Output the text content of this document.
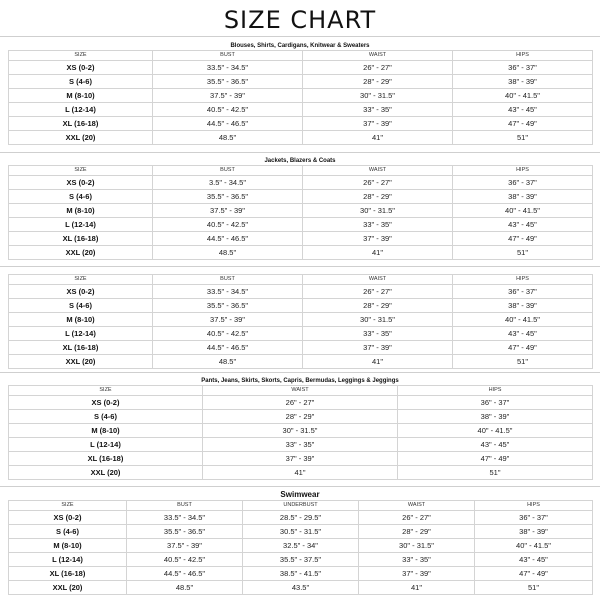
SIZE CHART
Blouses, Shirts, Cardigans, Knitwear & Sweaters
SIZE	BUST	WAIST	HIPS
XS (0-2)	33.5" - 34.5"	26" - 27"	36" - 37"
S (4-6)	35.5" - 36.5"	28" - 29"	38" - 39"
M (8-10)	37.5" - 39"	30" - 31.5"	40" - 41.5"
L (12-14)	40.5" - 42.5"	33" - 35"	43" - 45"
XL (16-18)	44.5" - 46.5"	37" - 39"	47" - 49"
XXL (20)	48.5"	41"	51"
Jackets, Blazers & Coats
SIZE	BUST	WAIST	HIPS
XS (0-2)	3.5" - 34.5"	26" - 27"	36" - 37"
S (4-6)	35.5" - 36.5"	28" - 29"	38" - 39"
M (8-10)	37.5" - 39"	30" - 31.5"	40" - 41.5"
L (12-14)	40.5" - 42.5"	33" - 35"	43" - 45"
XL (16-18)	44.5" - 46.5"	37" - 39"	47" - 49"
XXL (20)	48.5"	41"	51"
SIZE	BUST	WAIST	HIPS
XS (0-2)	33.5" - 34.5"	26" - 27"	36" - 37"
S (4-6)	35.5" - 36.5"	28" - 29"	38" - 39"
M (8-10)	37.5" - 39"	30" - 31.5"	40" - 41.5"
L (12-14)	40.5" - 42.5"	33" - 35"	43" - 45"
XL (16-18)	44.5" - 46.5"	37" - 39"	47" - 49"
XXL (20)	48.5"	41"	51"
Pants, Jeans, Skirts, Skorts, Capris, Bermudas, Leggings & Jeggings
SIZE	WAIST	HIPS
XS (0-2)	26" - 27"	36" - 37"
S (4-6)	28" - 29"	38" - 39"
M (8-10)	30" - 31.5"	40" - 41.5"
L (12-14)	33" - 35"	43" - 45"
XL (16-18)	37" - 39"	47" - 49"
XXL (20)	41"	51"
Swimwear
SIZE	BUST	UNDERBUST	WAIST	HIPS
XS (0-2)	33.5" - 34.5"	28.5" - 29.5"	26" - 27"	36" - 37"
S (4-6)	35.5" - 36.5"	30.5" - 31.5"	28" - 29"	38" - 39"
M (8-10)	37.5" - 39"	32.5" - 34"	30" - 31.5"	40" - 41.5"
L (12-14)	40.5" - 42.5"	35.5" - 37.5"	33" - 35"	43" - 45"
XL (16-18)	44.5" - 46.5"	38.5" - 41.5"	37" - 39"	47" - 49"
XXL (20)	48.5"	43.5"	41"	51"
